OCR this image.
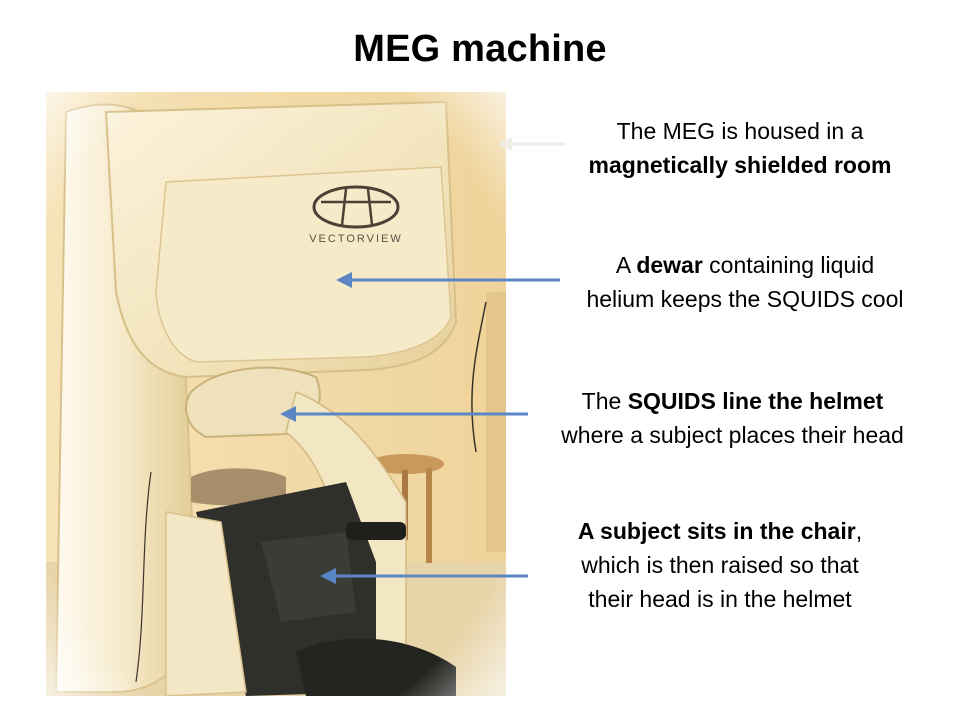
MEG machine
The MEG is housed in a
magnetically shielded room
A dewar containing liquid
helium keeps the SQUIDS cool
The SQUIDS line the helmet
where a subject places their head
A subject sits in the chair,
which is then raised so that
their head is in the helmet
